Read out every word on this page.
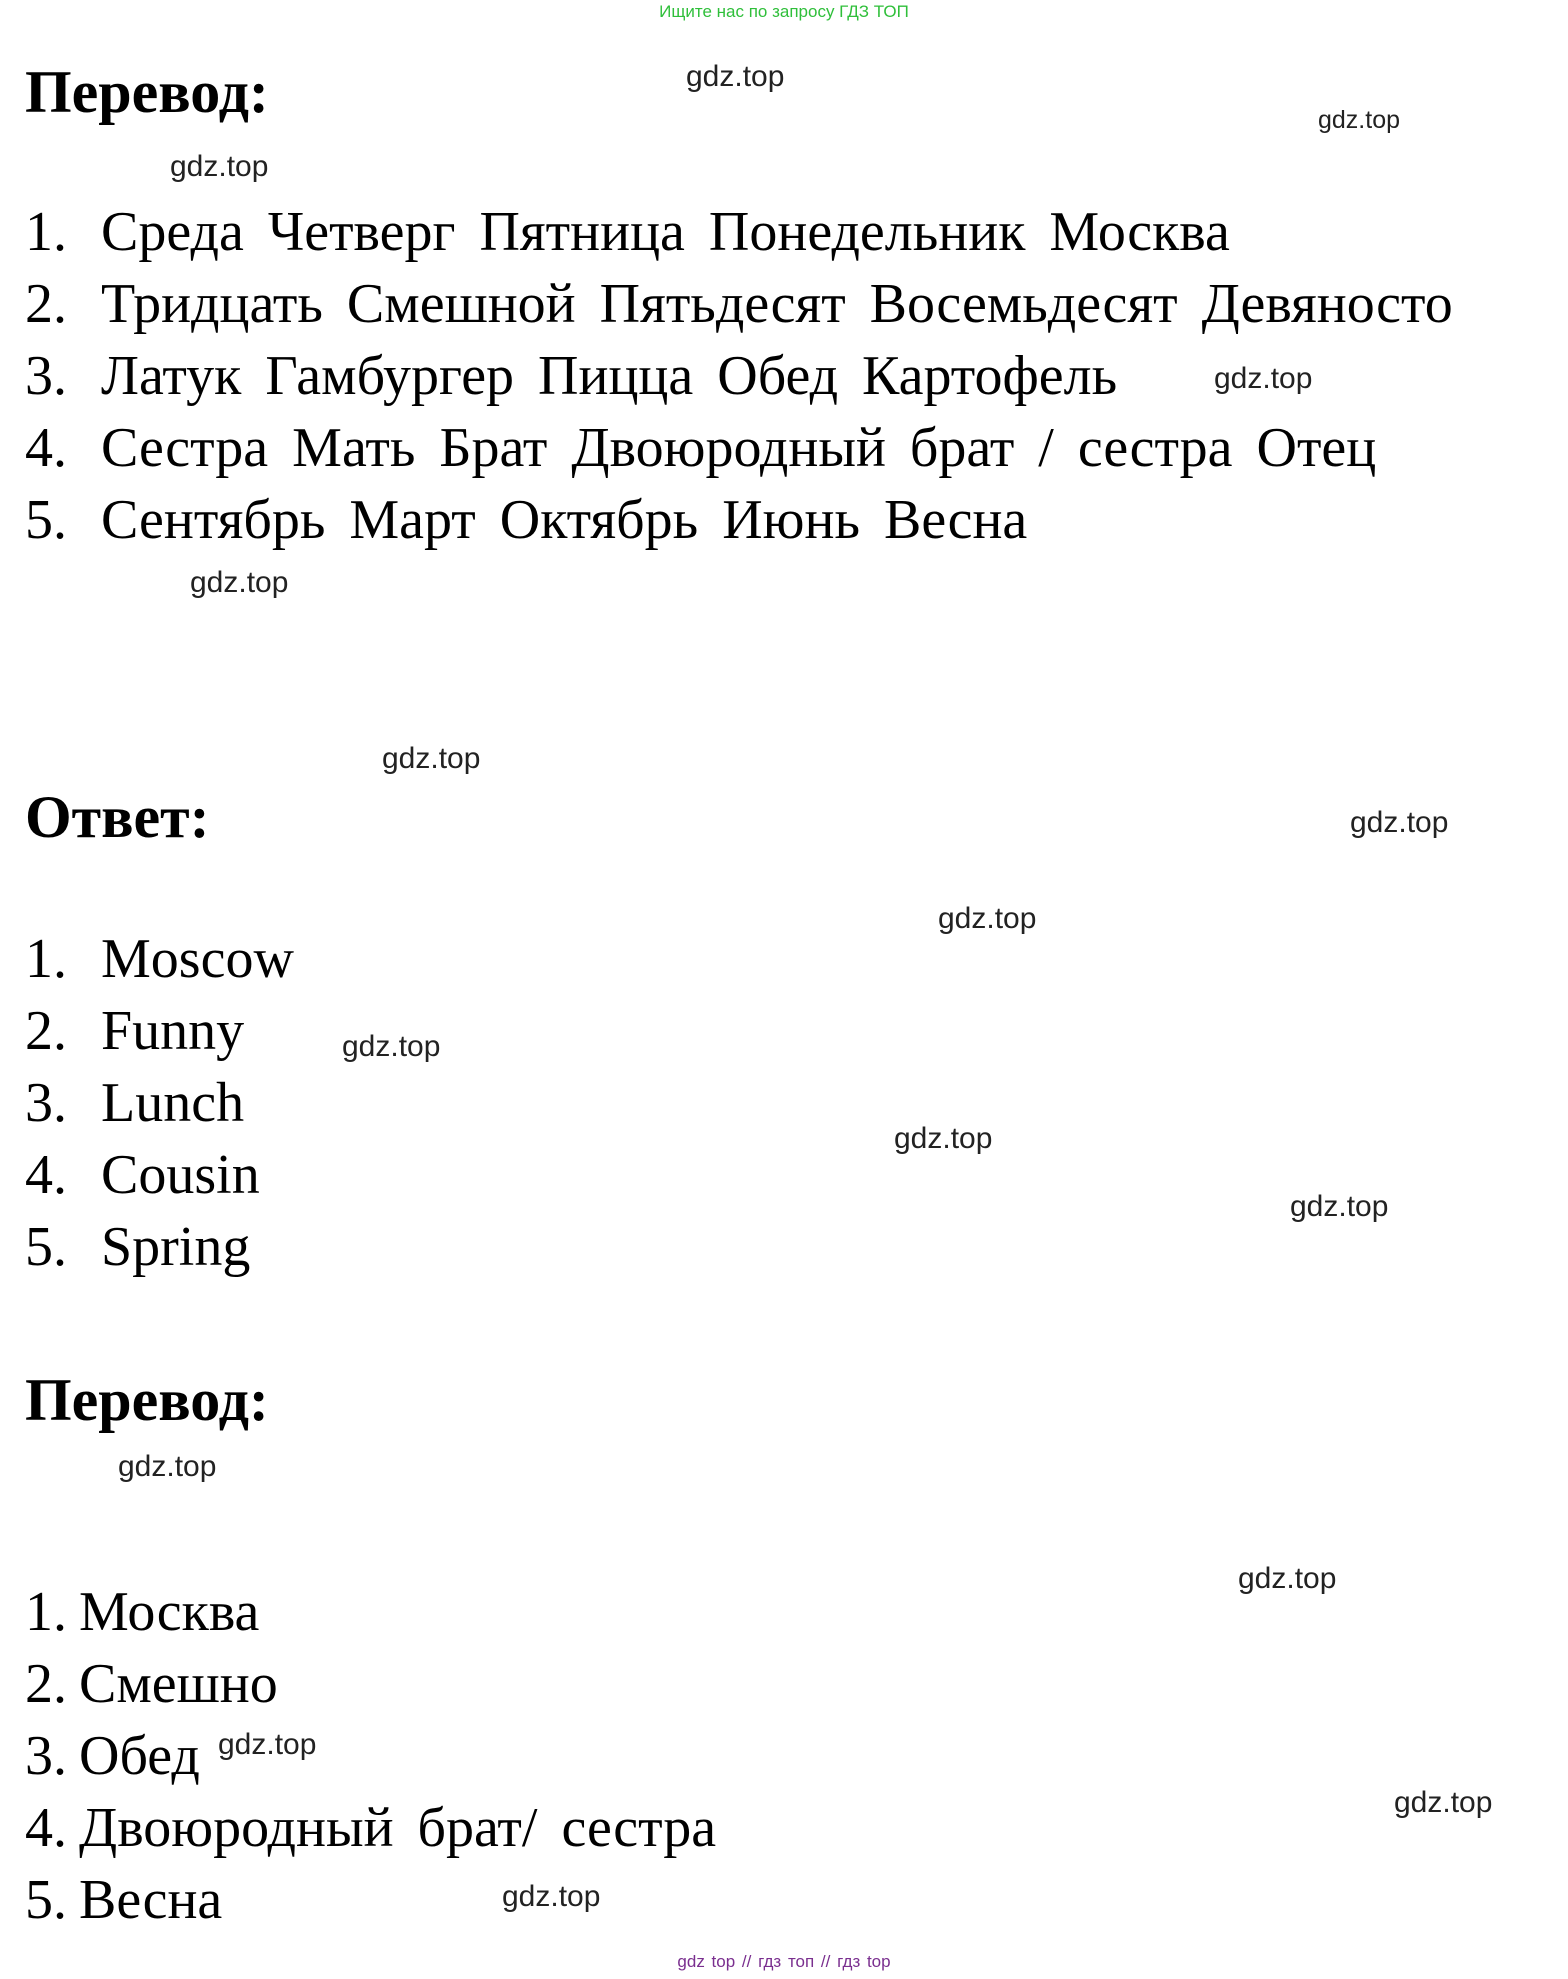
Ищите нас по запросу ГДЗ ТОП
Перевод:
1. Среда Четверг Пятница Понедельник Москва
2. Тридцать Смешной Пятьдесят Восемьдесят Девяносто
3. Латук Гамбургер Пицца Обед Картофель
4. Сестра Мать Брат Двоюродный брат / сестра Отец
5. Сентябрь Март Октябрь Июнь Весна
Ответ:
1. Moscow
2. Funny
3. Lunch
4. Cousin
5. Spring
Перевод:
1. Москва
2. Смешно
3. Обед
4. Двоюродный брат/ сестра
5. Весна
gdz.top
gdz.top
gdz.top
gdz.top
gdz.top
gdz.top
gdz.top
gdz.top
gdz.top
gdz.top
gdz.top
gdz.top
gdz.top
gdz.top
gdz.top
gdz.top
gdz top // гдз топ // гдз top
